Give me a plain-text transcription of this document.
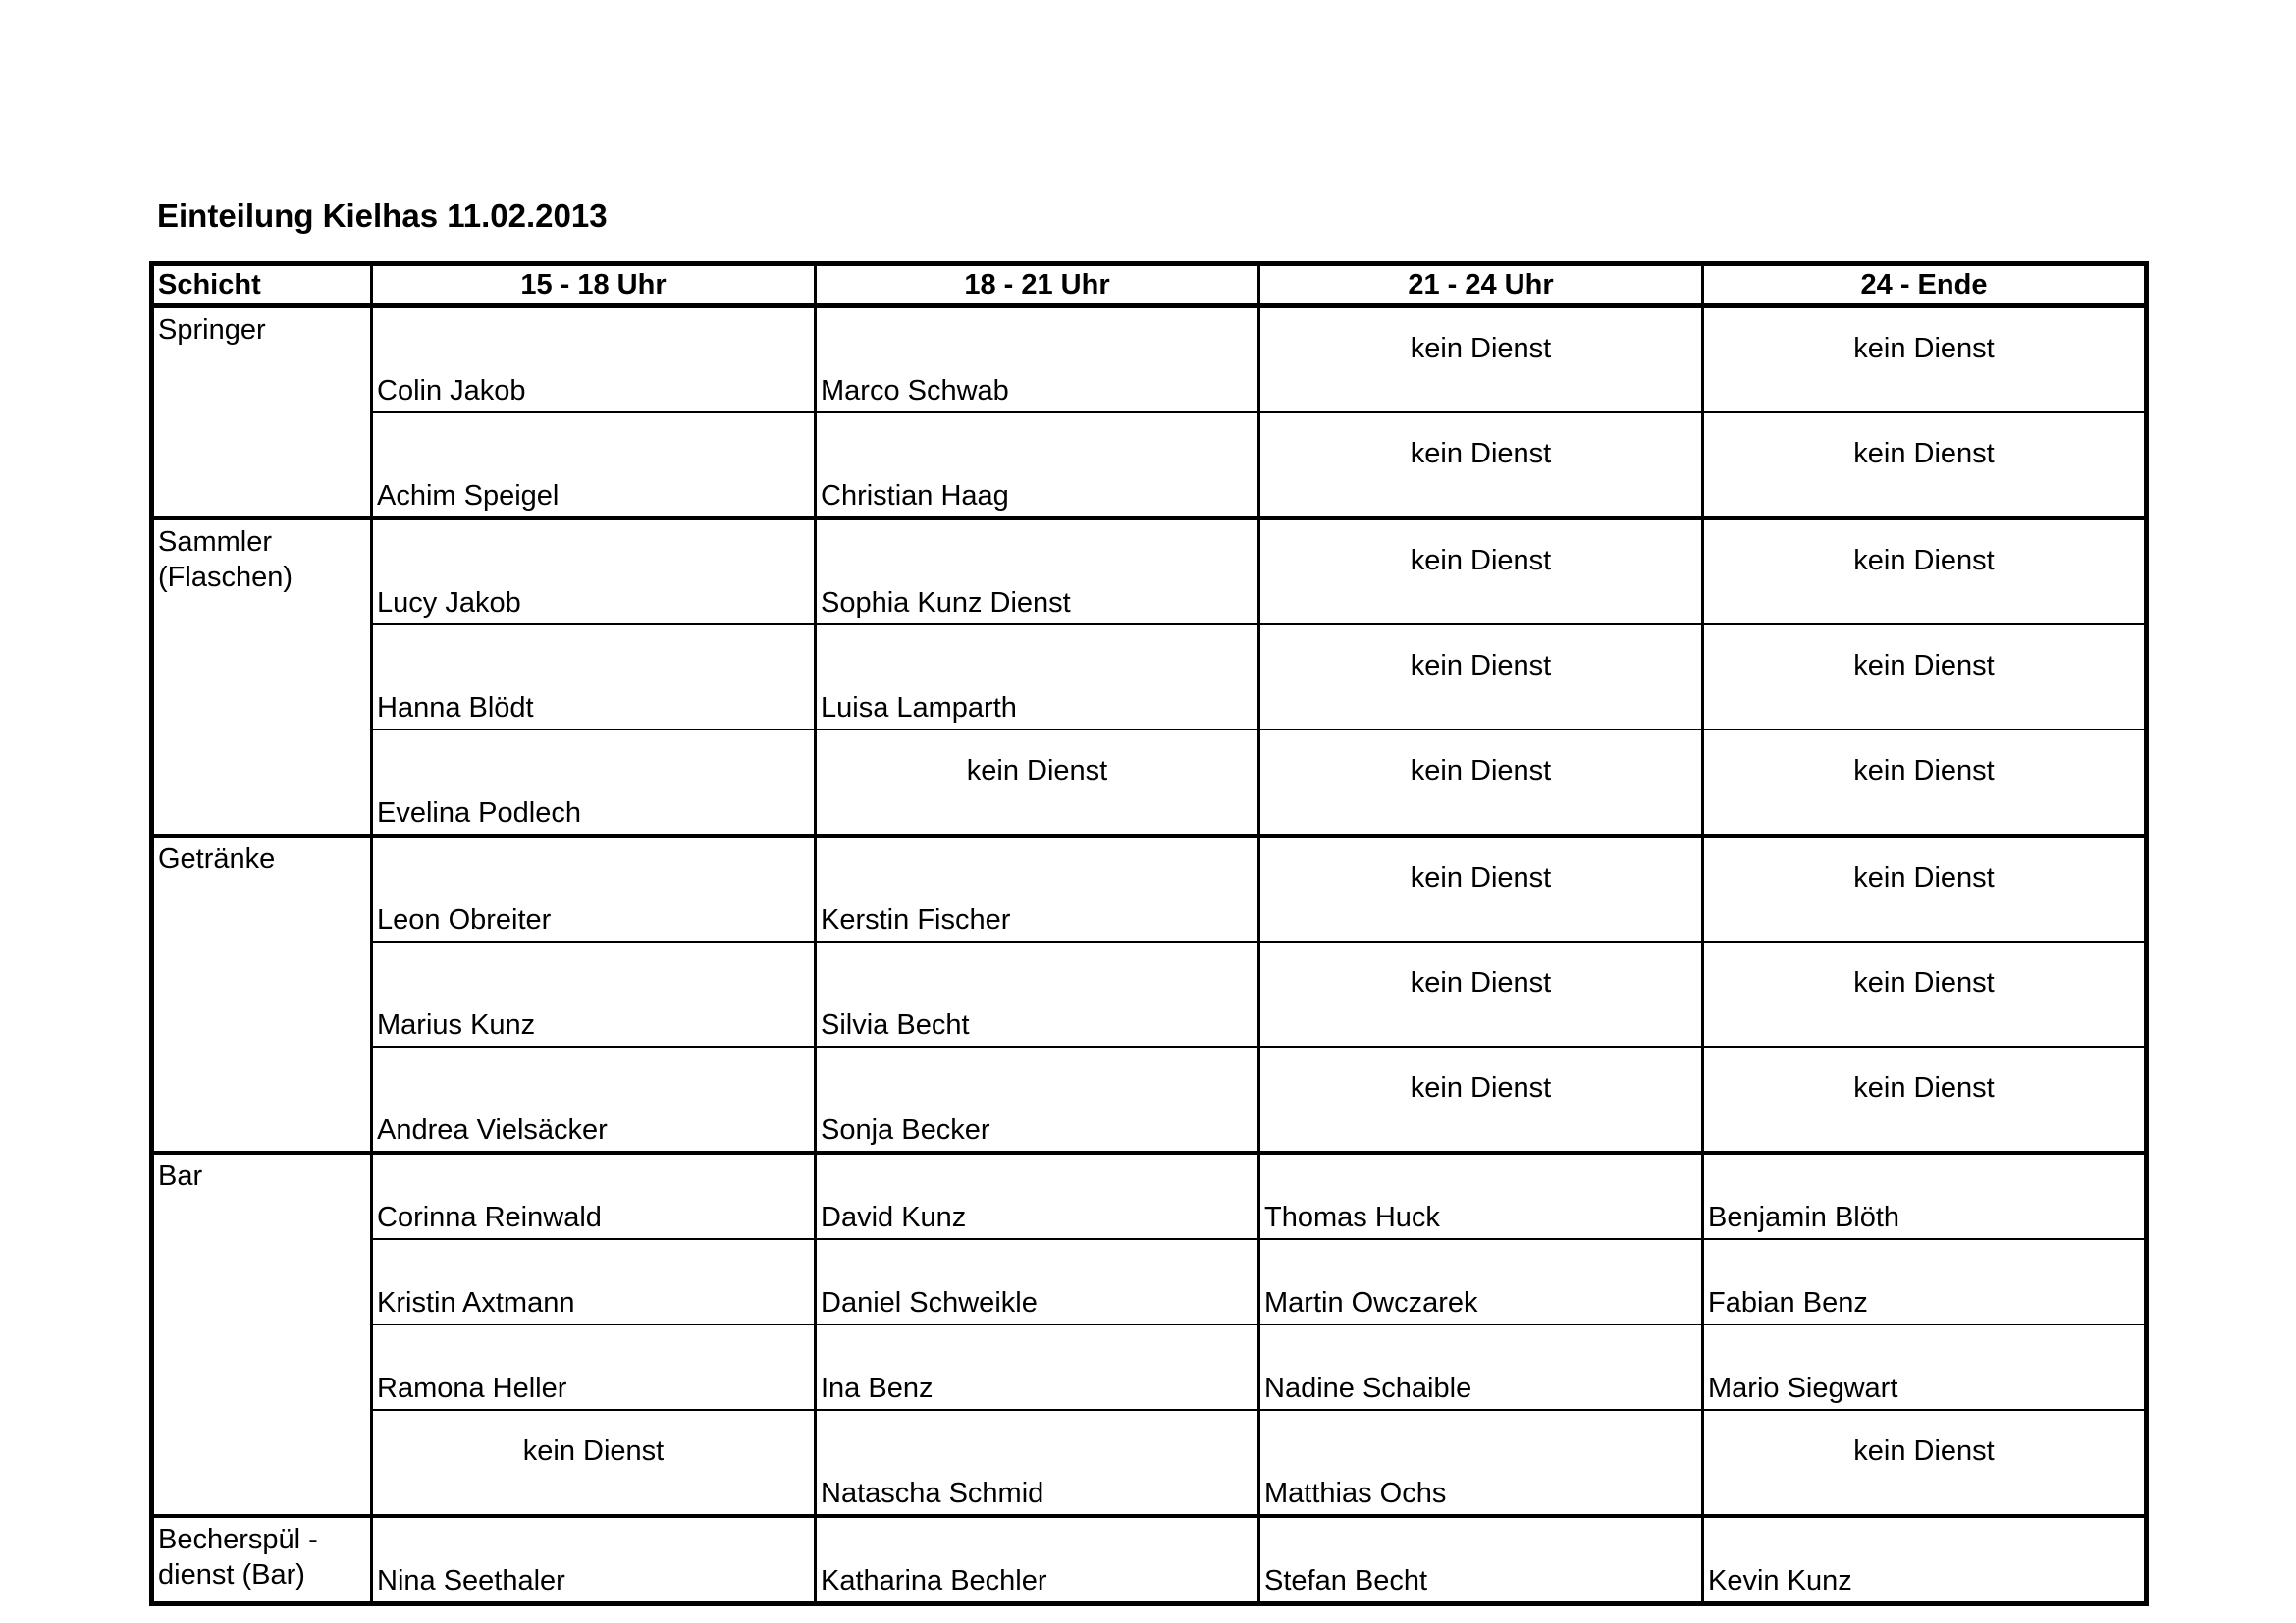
Einteilung Kielhas 11.02.2013
Schicht	15 - 18 Uhr	18 - 21 Uhr	21 - 24 Uhr	24 - Ende

Springer	Colin Jakob	Marco Schwab	kein Dienst	kein Dienst
	Achim Speigel	Christian Haag	kein Dienst	kein Dienst

Sammler
(Flaschen)	Lucy Jakob	Sophia Kunz Dienst	kein Dienst	kein Dienst
	Hanna Blödt	Luisa Lamparth	kein Dienst	kein Dienst
	Evelina Podlech	kein Dienst	kein Dienst	kein Dienst

Getränke	Leon Obreiter	Kerstin Fischer	kein Dienst	kein Dienst
	Marius Kunz	Silvia Becht	kein Dienst	kein Dienst
	Andrea Vielsäcker	Sonja Becker	kein Dienst	kein Dienst

Bar	Corinna Reinwald	David Kunz	Thomas Huck	Benjamin Blöth
	Kristin Axtmann	Daniel Schweikle	Martin Owczarek	Fabian Benz
	Ramona Heller	Ina Benz	Nadine Schaible	Mario Siegwart
	kein Dienst	Natascha Schmid	Matthias Ochs	kein Dienst

Becherspül -
dienst (Bar)	Nina Seethaler	Katharina Bechler	Stefan Becht	Kevin Kunz
